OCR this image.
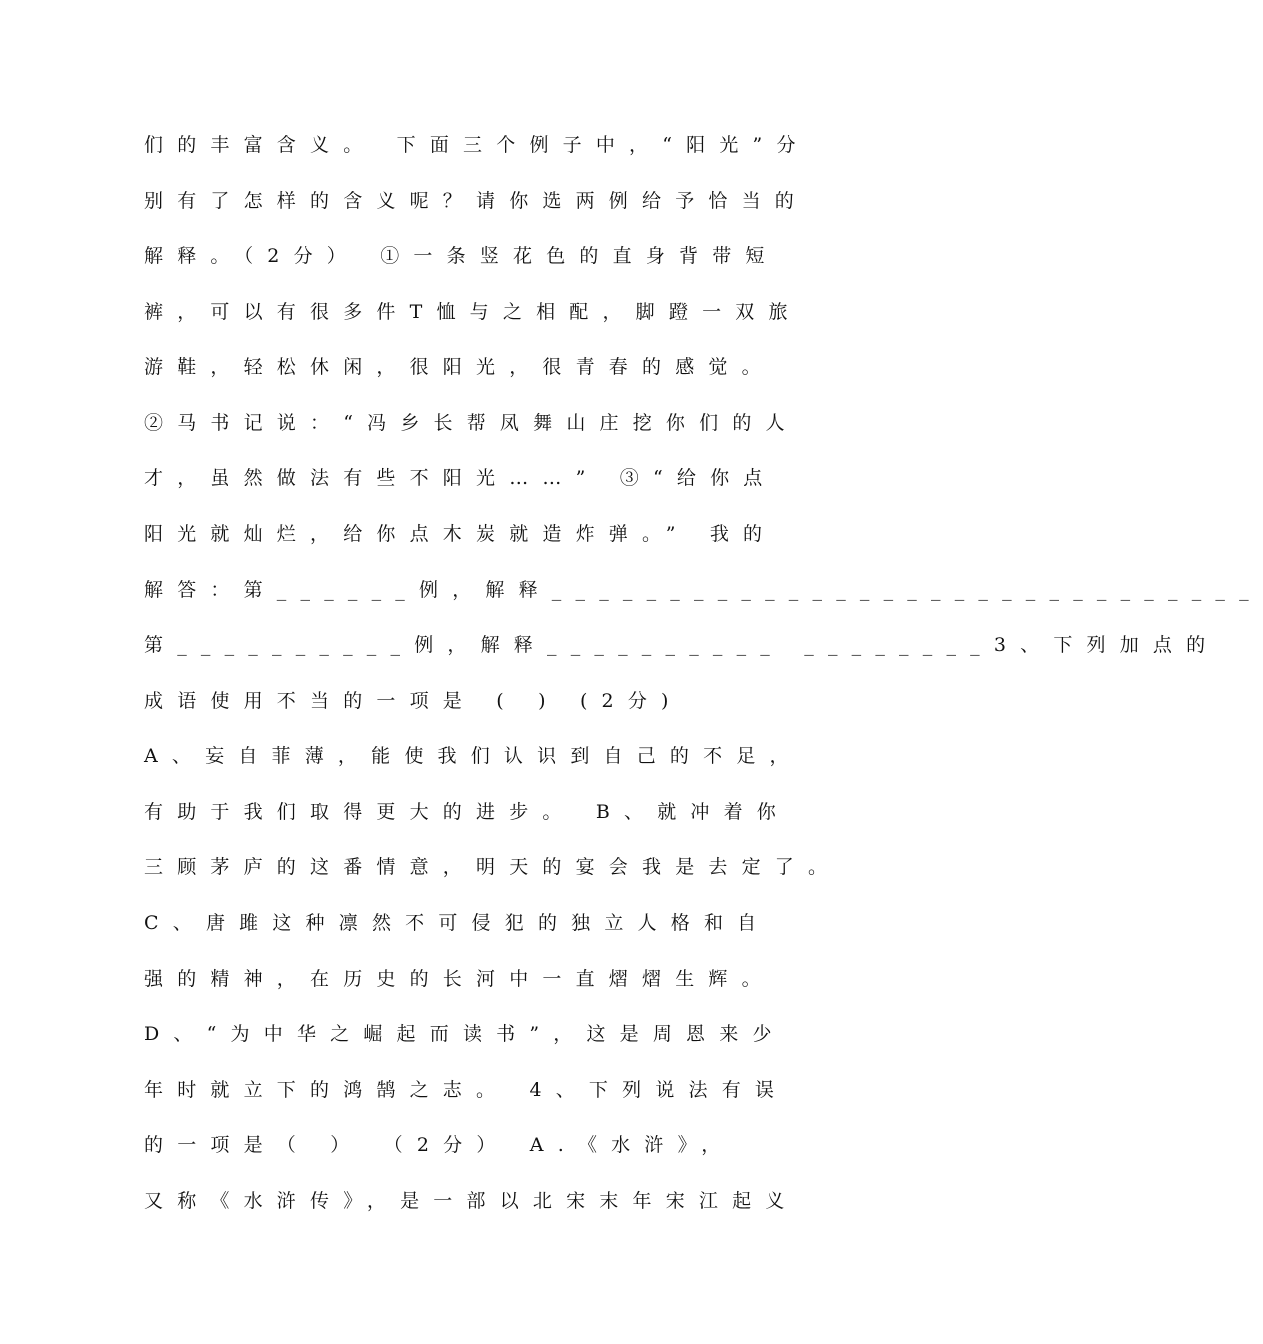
们的丰富含义。 下面三个例子中，“阳光”分
别有了怎样的含义呢？请你选两例给予恰当的
解释。（2分） ①一条竖花色的直身背带短
裤，可以有很多件T恤与之相配，脚蹬一双旅
游鞋，轻松休闲，很阳光，很青春的感觉。
②马书记说：“冯乡长帮凤舞山庄挖你们的人
才，虽然做法有些不阳光……” ③“给你点
阳光就灿烂，给你点木炭就造炸弹。” 我的
解答：第______例，解释______________________________
第__________例，解释__________ ________3、下列加点的
成语使用不当的一项是 ( ) (2分)
A、妄自菲薄，能使我们认识到自己的不足，
有助于我们取得更大的进步。 B、就冲着你
三顾茅庐的这番情意，明天的宴会我是去定了。
C、唐雎这种凛然不可侵犯的独立人格和自
强的精神，在历史的长河中一直熠熠生辉。
D、“为中华之崛起而读书”，这是周恩来少
年时就立下的鸿鹄之志。 4、下列说法有误
的一项是（ ） （2分） A.《水浒》，
又称《水浒传》，是一部以北宋末年宋江起义
